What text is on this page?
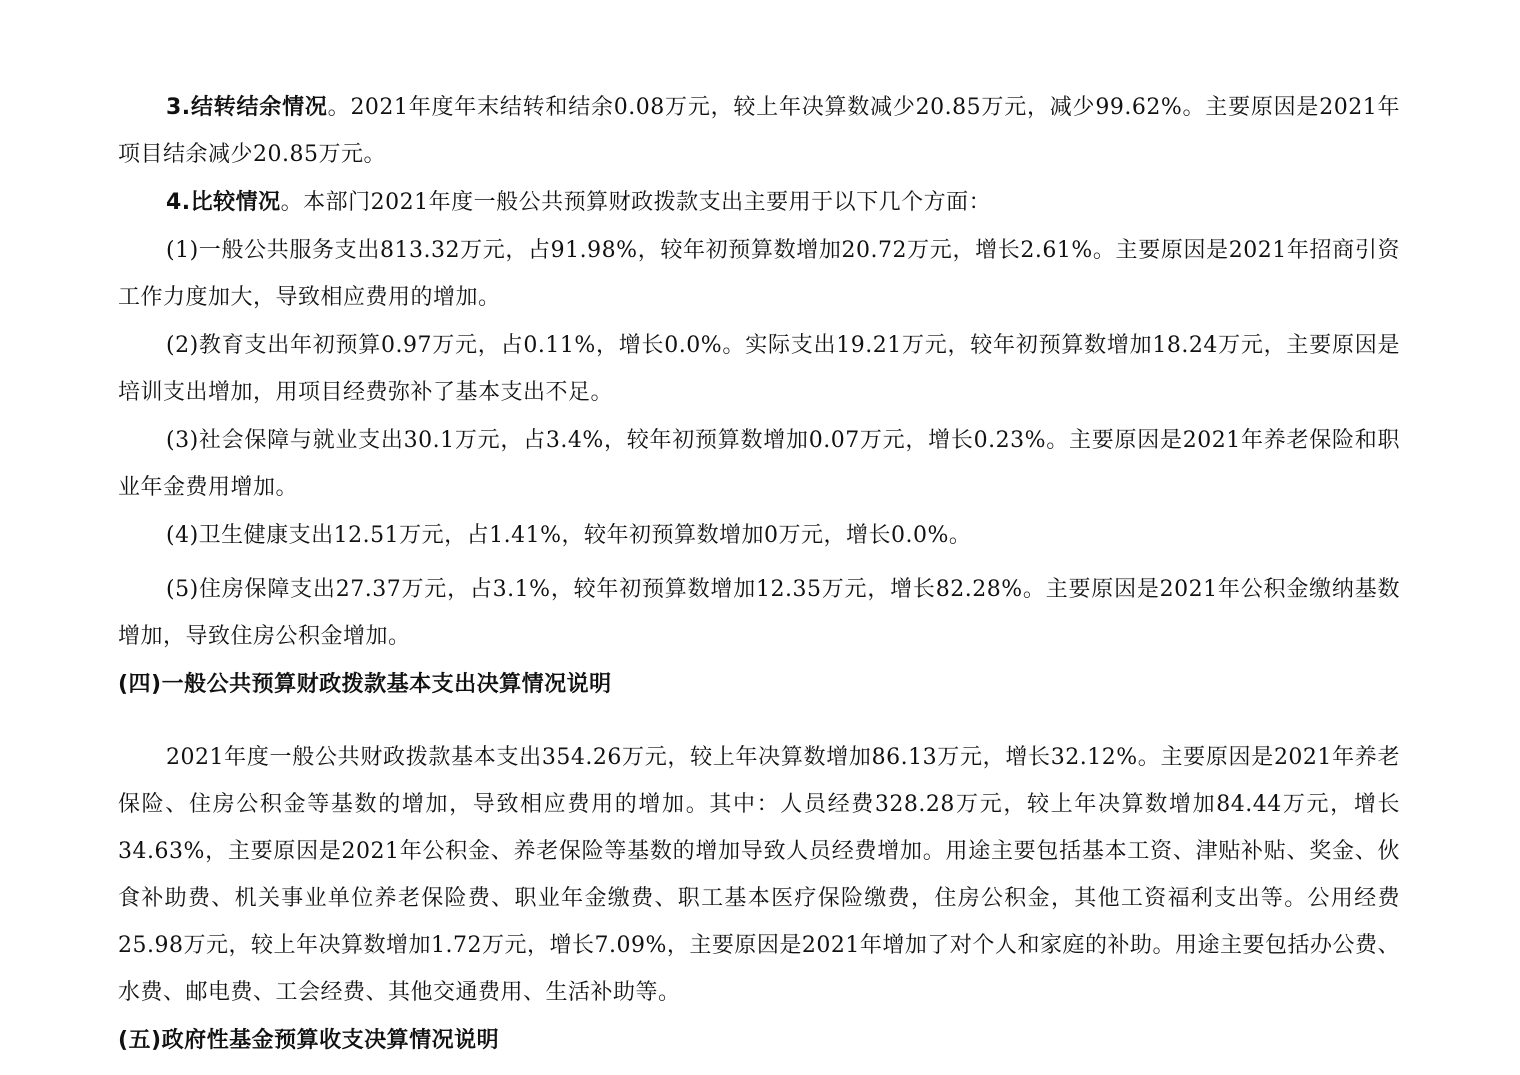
3.结转结余情况。2021年度年末结转和结余0.08万元，较上年决算数减少20.85万元，减少99.62%。主要原因是2021年项目结余减少20.85万元。

4.比较情况。本部门2021年度一般公共预算财政拨款支出主要用于以下几个方面：

(1)一般公共服务支出813.32万元，占91.98%，较年初预算数增加20.72万元，增长2.61%。主要原因是2021年招商引资工作力度加大，导致相应费用的增加。

(2)教育支出年初预算0.97万元，占0.11%，增长0.0%。实际支出19.21万元，较年初预算数增加18.24万元，主要原因是培训支出增加，用项目经费弥补了基本支出不足。

(3)社会保障与就业支出30.1万元，占3.4%，较年初预算数增加0.07万元，增长0.23%。主要原因是2021年养老保险和职业年金费用增加。

(4)卫生健康支出12.51万元，占1.41%，较年初预算数增加0万元，增长0.0%。

(5)住房保障支出27.37万元，占3.1%，较年初预算数增加12.35万元，增长82.28%。主要原因是2021年公积金缴纳基数增加，导致住房公积金增加。

(四)一般公共预算财政拨款基本支出决算情况说明

2021年度一般公共财政拨款基本支出354.26万元，较上年决算数增加86.13万元，增长32.12%。主要原因是2021年养老保险、住房公积金等基数的增加，导致相应费用的增加。其中：人员经费328.28万元，较上年决算数增加84.44万元，增长34.63%，主要原因是2021年公积金、养老保险等基数的增加导致人员经费增加。用途主要包括基本工资、津贴补贴、奖金、伙食补助费、机关事业单位养老保险费、职业年金缴费、职工基本医疗保险缴费，住房公积金，其他工资福利支出等。公用经费25.98万元，较上年决算数增加1.72万元，增长7.09%，主要原因是2021年增加了对个人和家庭的补助。用途主要包括办公费、水费、邮电费、工会经费、其他交通费用、生活补助等。

(五)政府性基金预算收支决算情况说明
